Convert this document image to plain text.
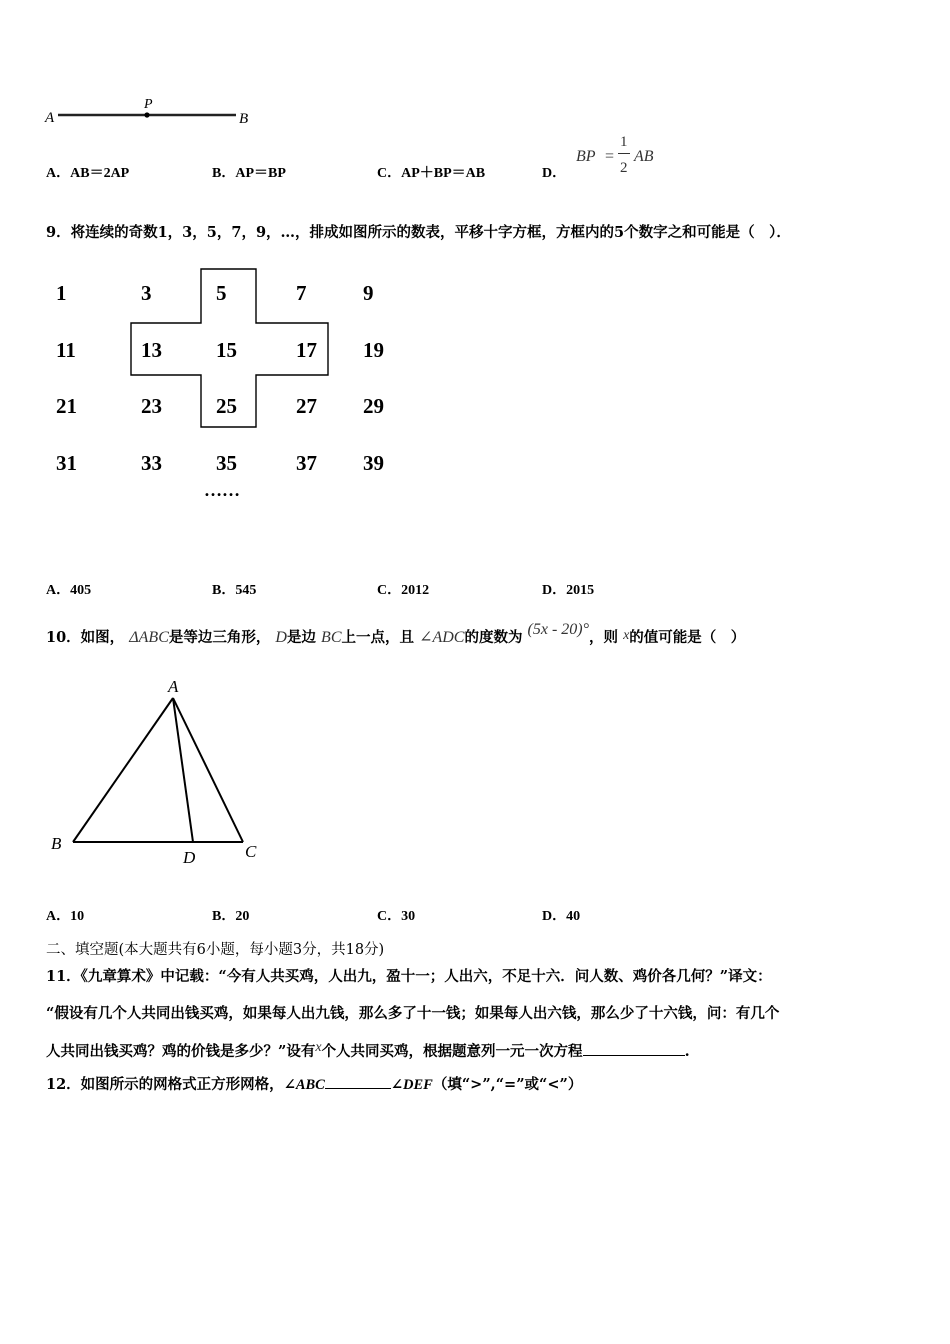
A
P
B
A．AB＝2AP	B．AP＝BP	C．AP＋BP＝AB	D．
BP =
1
2
AB
9．将连续的奇数1，3，5，7，9，…，排成如图所示的数表，平移十字方框，方框内的5个数字之和可能是（　）．
1	3	5	7	9
11	13	15	17 19
21	23	25	27 29
31	33	35	37 39
……
A．405	B．545	C．2012	D．2015
10．如图， ΔABC是等边三角形， D是边 BC上一点，且 ∠ADC的度数为 (5x - 20)°，则 x的值可能是（　）
A
B	C
D
A．10	B．20	C．30	D．40
二、填空题(本大题共有6小题，每小题3分，共18分)
11．《九章算术》中记载：“今有人共买鸡，人出九，盈十一；人出六，不足十六．问人数、鸡价各几何？”译文：
“假设有几个人共同出钱买鸡，如果每人出九钱，那么多了十一钱；如果每人出六钱，那么少了十六钱，问：有几个
人共同出钱买鸡？鸡的价钱是多少？”设有x个人共同买鸡，根据题意列一元一次方程	.
12．如图所示的网格式正方形网格，∠ABC	∠DEF（填“>”,“=”或“<”）
